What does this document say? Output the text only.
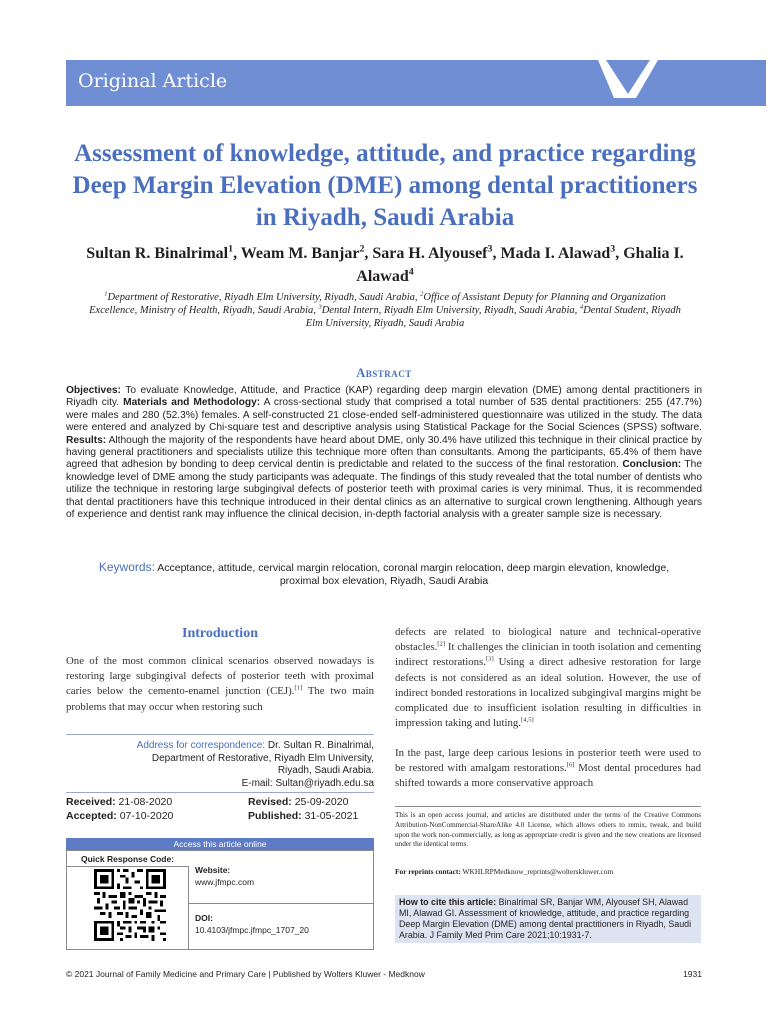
Original Article
Assessment of knowledge, attitude, and practice regarding Deep Margin Elevation (DME) among dental practitioners in Riyadh, Saudi Arabia
Sultan R. Binalrimal$^1$, Weam M. Banjar$^2$, Sara H. Alyousef$^3$, Mada I. Alawad$^3$, Ghalia I. Alawad$^4$
$^1$Department of Restorative, Riyadh Elm University, Riyadh, Saudi Arabia, $^2$Office of Assistant Deputy for Planning and Organization Excellence, Ministry of Health, Riyadh, Saudi Arabia, $^3$Dental Intern, Riyadh Elm University, Riyadh, Saudi Arabia, $^4$Dental Student, Riyadh Elm University, Riyadh, Saudi Arabia
Abstract
Objectives: To evaluate Knowledge, Attitude, and Practice (KAP) regarding deep margin elevation (DME) among dental practitioners in Riyadh city. Materials and Methodology: A cross-sectional study that comprised a total number of 535 dental practitioners: 255 (47.7%) were males and 280 (52.3%) females. A self-constructed 21 close-ended self-administered questionnaire was utilized in the study. The data were entered and analyzed by Chi-square test and descriptive analysis using Statistical Package for the Social Sciences (SPSS) software. Results: Although the majority of the respondents have heard about DME, only 30.4% have utilized this technique in their clinical practice by having general practitioners and specialists utilize this technique more often than consultants. Among the participants, 65.4% of them have agreed that adhesion by bonding to deep cervical dentin is predictable and related to the success of the final restoration. Conclusion: The knowledge level of DME among the study participants was adequate. The findings of this study revealed that the total number of dentists who utilize the technique in restoring large subgingival defects of posterior teeth with proximal caries is very minimal. Thus, it is recommended that dental practitioners have this technique introduced in their dental clinics as an alternative to surgical crown lengthening. Although years of experience and dentist rank may influence the clinical decision, in-depth factorial analysis with a greater sample size is necessary.
Keywords: Acceptance, attitude, cervical margin relocation, coronal margin relocation, deep margin elevation, knowledge, proximal box elevation, Riyadh, Saudi Arabia
Introduction

One of the most common clinical scenarios observed nowadays is restoring large subgingival defects of posterior teeth with proximal caries below the cemento-enamel junction (CEJ).[1] The two main problems that may occur when restoring such

defects are related to biological nature and technical-operative obstacles.[2] It challenges the clinician in tooth isolation and cementing indirect restorations.[3] Using a direct adhesive restoration for large defects is not considered as an ideal solution. However, the use of indirect bonded restorations in localized subgingival margins might be complicated due to insufficient isolation resulting in difficulties in impression taking and luting.[4,5]

In the past, large deep carious lesions in posterior teeth were used to be restored with amalgam restorations.[6] Most dental procedures had shifted towards a more conservative approach

Address for correspondence: Dr. Sultan R. Binalrimal,
Department of Restorative, Riyadh Elm University,
Riyadh, Saudi Arabia.
E-mail: Sultan@riyadh.edu.sa
Received: 21-08-2020	Revised: 25-09-2020
Accepted: 07-10-2020	Published: 31-05-2021
Access this article online
Quick Response Code:
Website:
www.jfmpc.com
DOI:
10.4103/jfmpc.jfmpc_1707_20
This is an open access journal, and articles are distributed under the terms of the Creative Commons Attribution-NonCommercial-ShareAlike 4.0 License, which allows others to remix, tweak, and build upon the work non-commercially, as long as appropriate credit is given and the new creations are licensed under the identical terms.
For reprints contact: WKHLRPMedknow_reprints@wolterskluwer.com
How to cite this article: Binalrimal SR, Banjar WM, Alyousef SH, Alawad MI, Alawad GI. Assessment of knowledge, attitude, and practice regarding Deep Margin Elevation (DME) among dental practitioners in Riyadh, Saudi Arabia. J Family Med Prim Care 2021;10:1931-7.
© 2021 Journal of Family Medicine and Primary Care | Published by Wolters Kluwer - Medknow	1931
